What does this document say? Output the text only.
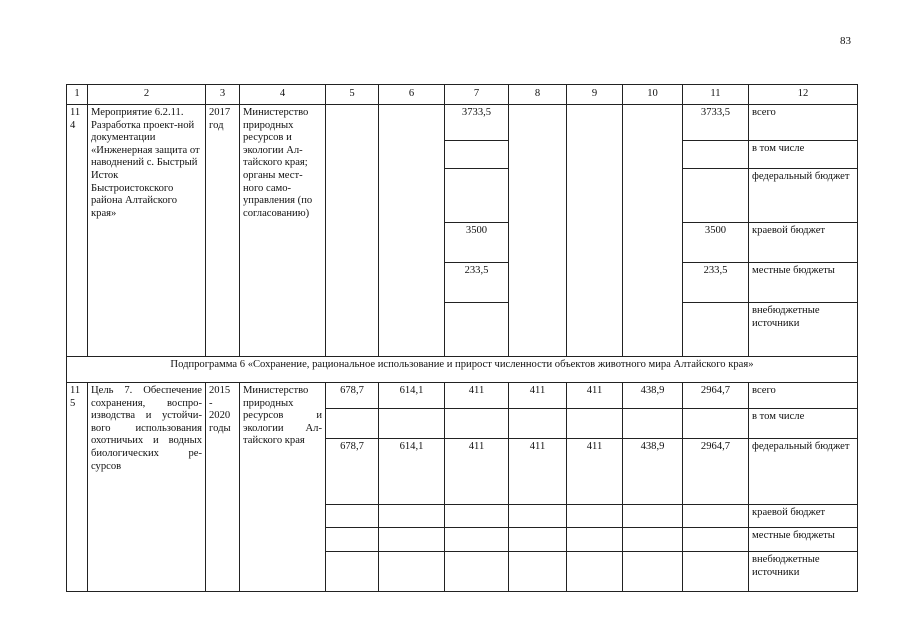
83
1	2	3	4	5	6	7	8	9	10	11	12
114	Мероприятие 6.2.11. Разработка проект-ной документации «Инженерная защита от наводнений с. Быстрый Исток Быстроистокского района Алтайского края»	2017 год	Министерство природных ресурсов и экологии Ал-тайского края; органы мест-ного само-управления (по согласованию)			3733,5				3733,5	всего
											в том числе
											федеральный бюджет
						3500				3500	краевой бюджет
						233,5				233,5	местные бюджеты
											внебюджетные источники
Подпрограмма 6 «Сохранение, рациональное использование и прирост численности объектов животного мира Алтайского края»											
115	Цель 7. Обеспечение сохранения, воспро-изводства и устойчи-вого использования охотничьих и водных биологических ре-сурсов	2015 - 2020 годы	Министерство природных ресурсов и экологии Ал-тайского края	678,7	614,1	411	411	411	438,9	2964,7	всего
											в том числе
				678,7	614,1	411	411	411	438,9	2964,7	федеральный бюджет
											краевой бюджет
											местные бюджеты
											внебюджетные источники
